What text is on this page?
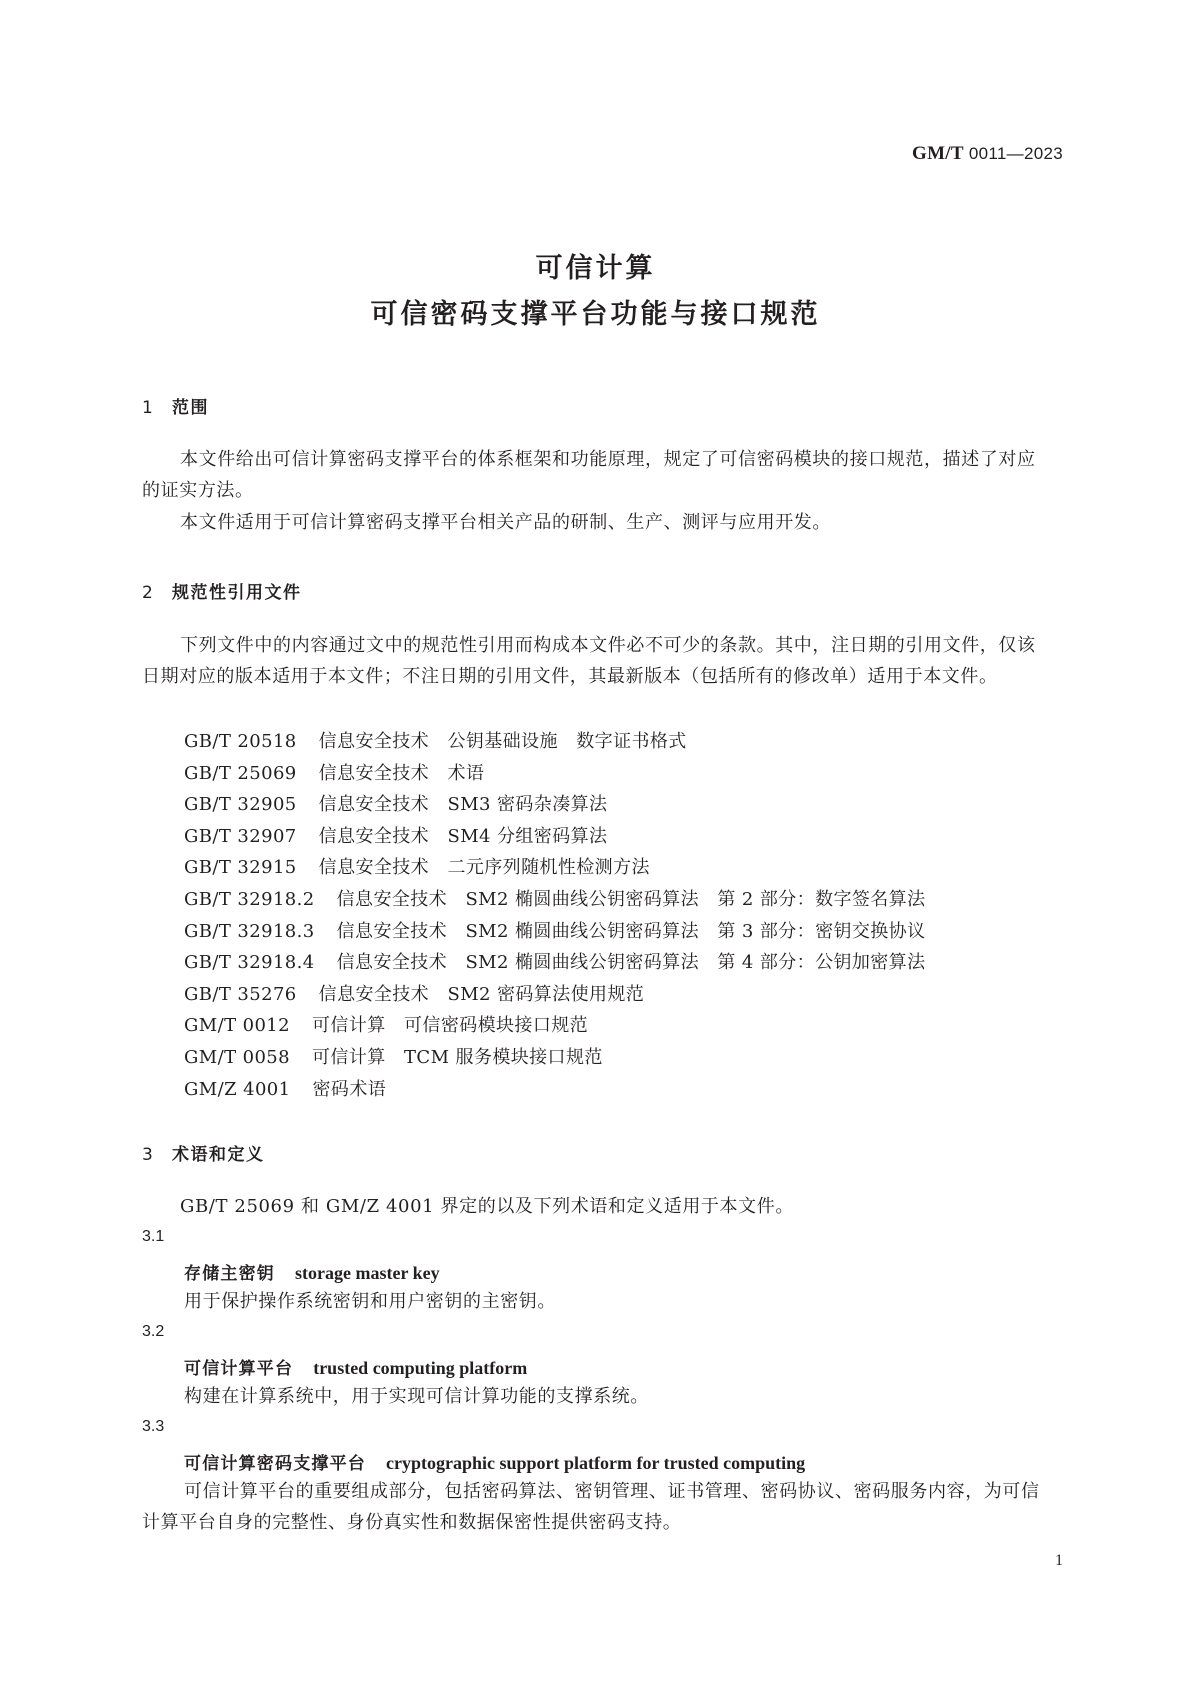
GM/T 0011—2023
可信计算
可信密码支撑平台功能与接口规范
1 范围
本文件给出可信计算密码支撑平台的体系框架和功能原理，规定了可信密码模块的接口规范，描述了对应的证实方法。
本文件适用于可信计算密码支撑平台相关产品的研制、生产、测评与应用开发。
2 规范性引用文件
下列文件中的内容通过文中的规范性引用而构成本文件必不可少的条款。其中，注日期的引用文件，仅该日期对应的版本适用于本文件；不注日期的引用文件，其最新版本（包括所有的修改单）适用于本文件。
GB/T 20518 信息安全技术　公钥基础设施　数字证书格式
GB/T 25069 信息安全技术　术语
GB/T 32905 信息安全技术　SM3 密码杂凑算法
GB/T 32907 信息安全技术　SM4 分组密码算法
GB/T 32915 信息安全技术　二元序列随机性检测方法
GB/T 32918.2 信息安全技术　SM2 椭圆曲线公钥密码算法　第 2 部分：数字签名算法
GB/T 32918.3 信息安全技术　SM2 椭圆曲线公钥密码算法　第 3 部分：密钥交换协议
GB/T 32918.4 信息安全技术　SM2 椭圆曲线公钥密码算法　第 4 部分：公钥加密算法
GB/T 35276 信息安全技术　SM2 密码算法使用规范
GM/T 0012 可信计算　可信密码模块接口规范
GM/T 0058 可信计算　TCM 服务模块接口规范
GM/Z 4001 密码术语
3 术语和定义
GB/T 25069 和 GM/Z 4001 界定的以及下列术语和定义适用于本文件。
3.1
存储主密钥 storage master key
用于保护操作系统密钥和用户密钥的主密钥。
3.2
可信计算平台 trusted computing platform
构建在计算系统中，用于实现可信计算功能的支撑系统。
3.3
可信计算密码支撑平台 cryptographic support platform for trusted computing
可信计算平台的重要组成部分，包括密码算法、密钥管理、证书管理、密码协议、密码服务内容，为可信计算平台自身的完整性、身份真实性和数据保密性提供密码支持。
1
